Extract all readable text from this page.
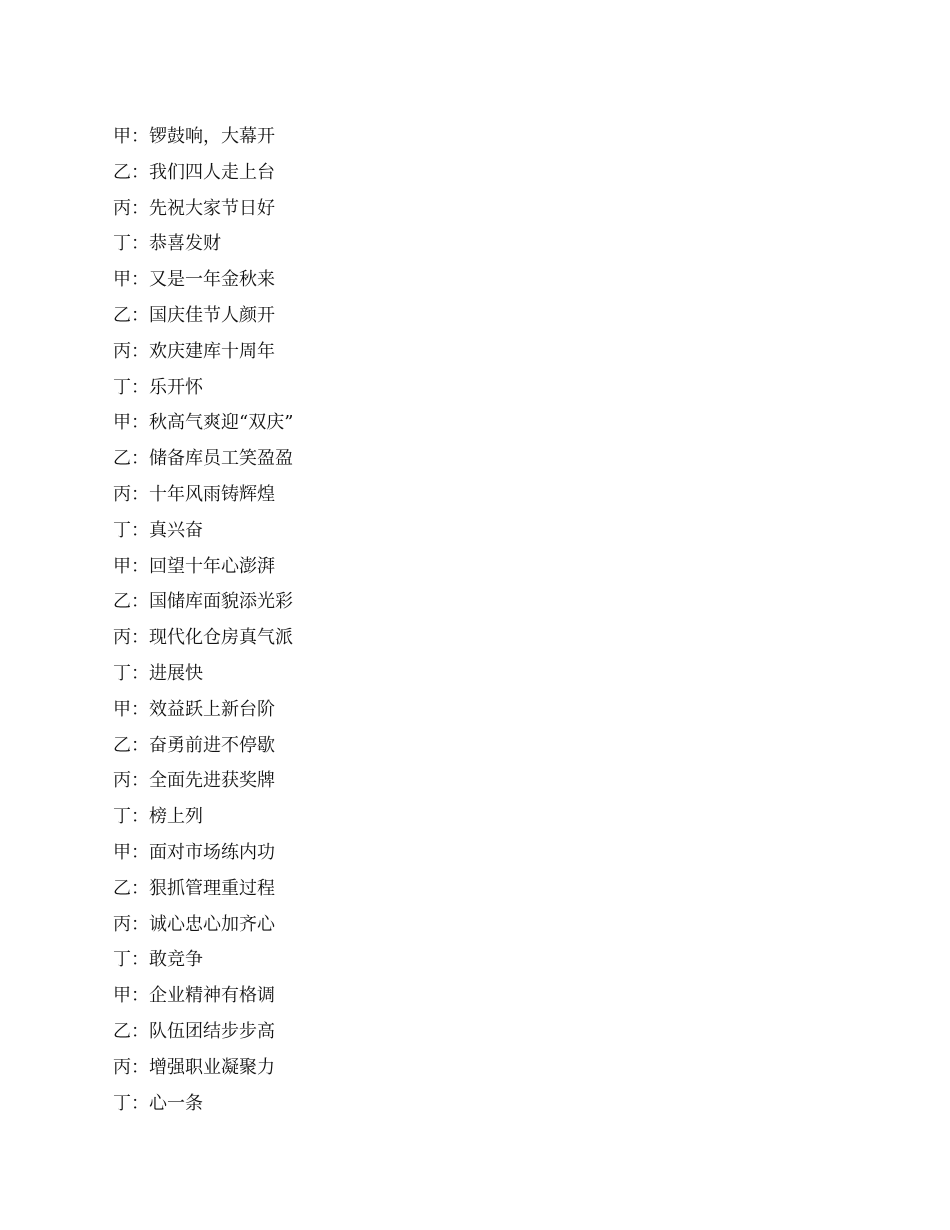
甲：锣鼓响，大幕开
乙：我们四人走上台
丙：先祝大家节日好
丁：恭喜发财
甲：又是一年金秋来
乙：国庆佳节人颜开
丙：欢庆建库十周年
丁：乐开怀
甲：秋高气爽迎“双庆”
乙：储备库员工笑盈盈
丙：十年风雨铸辉煌
丁：真兴奋
甲：回望十年心澎湃
乙：国储库面貌添光彩
丙：现代化仓房真气派
丁：进展快
甲：效益跃上新台阶
乙：奋勇前进不停歇
丙：全面先进获奖牌
丁：榜上列
甲：面对市场练内功
乙：狠抓管理重过程
丙：诚心忠心加齐心
丁：敢竞争
甲：企业精神有格调
乙：队伍团结步步高
丙：增强职业凝聚力
丁：心一条
